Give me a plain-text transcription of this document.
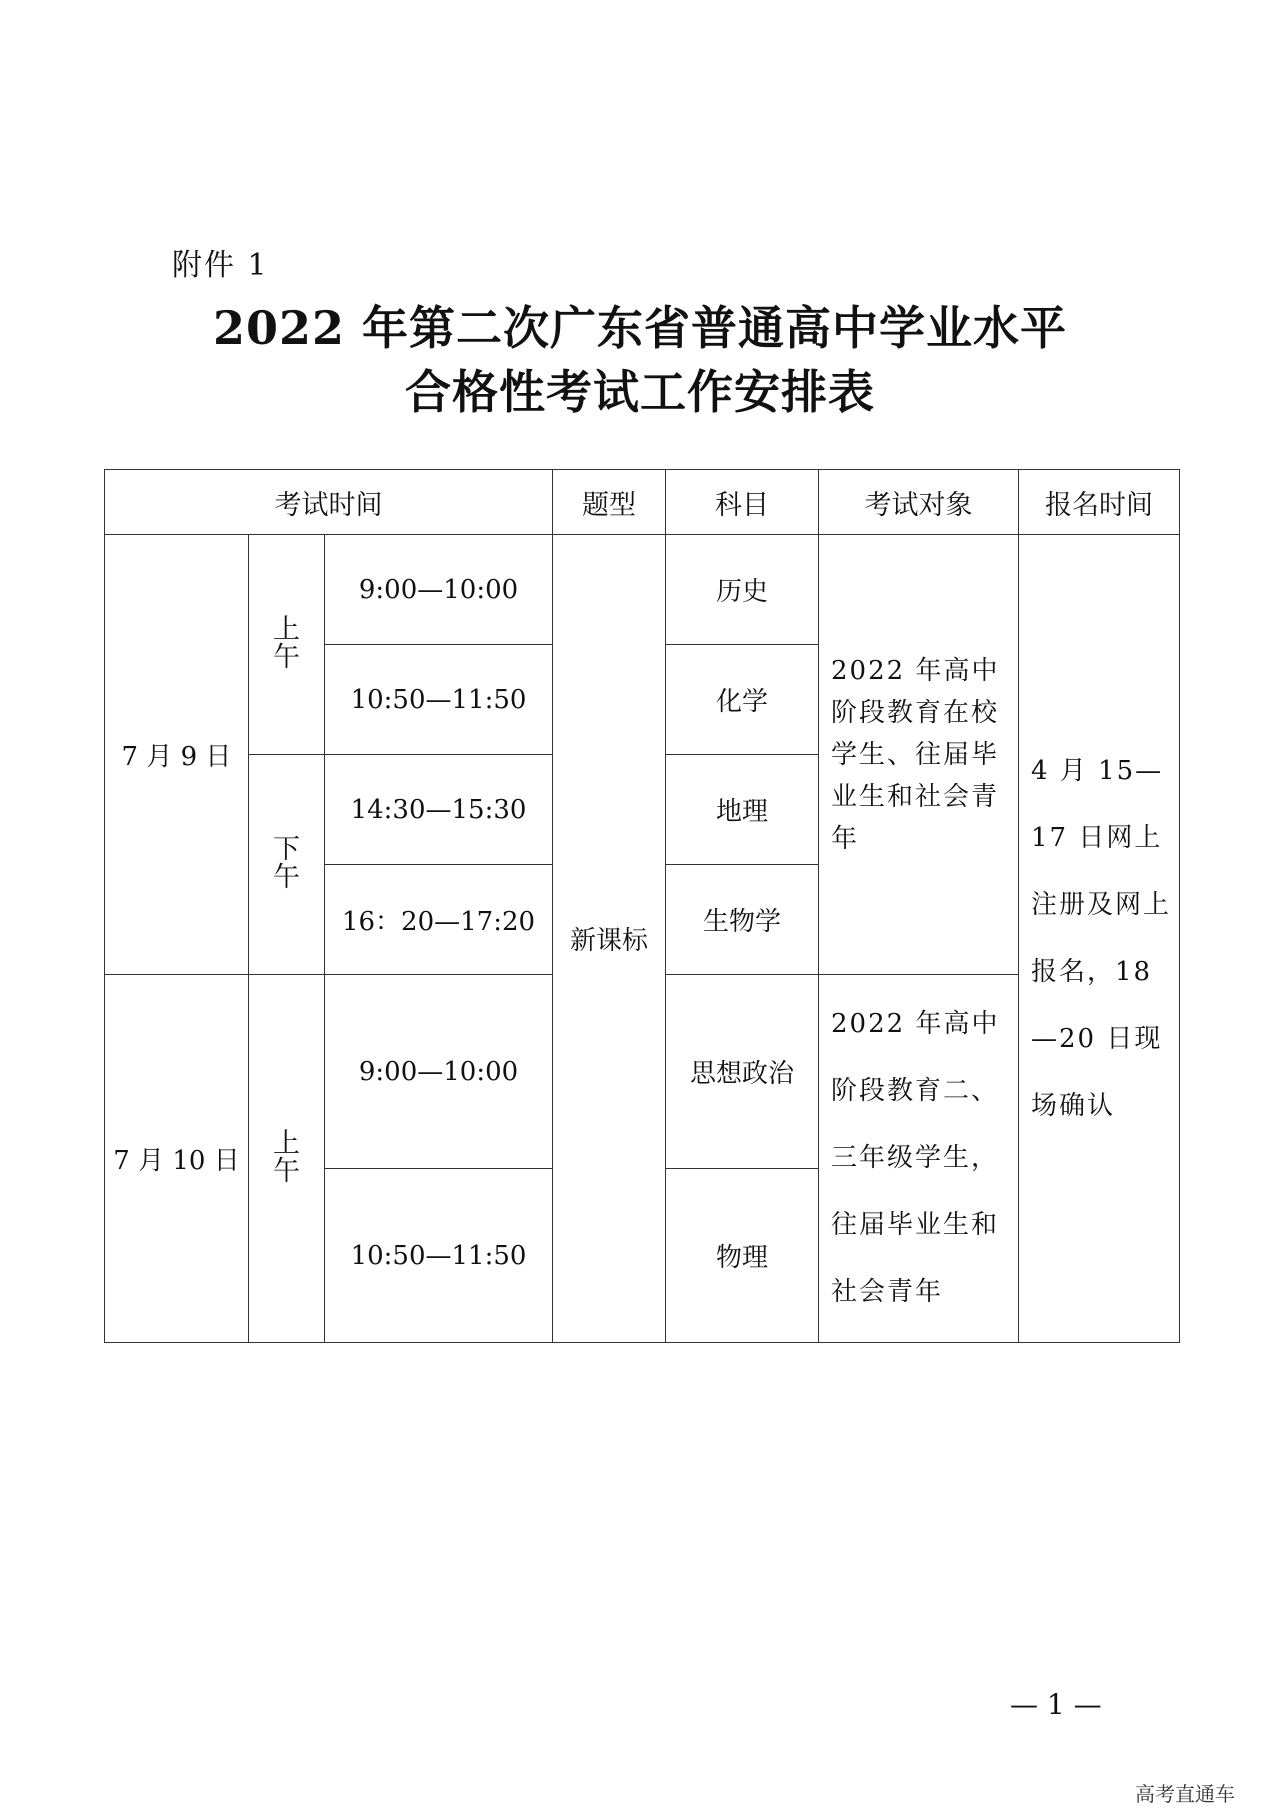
附件 1
2022 年第二次广东省普通高中学业水平
合格性考试工作安排表
考试时间			题型	科目	考试对象	报名时间
7 月 9 日	上午	9:00—10:00	新课标	历史	2022 年高中阶段教育在校学生、往届毕业生和社会青年	4 月 15—17 日网上注册及网上报名，18—20 日现场确认
		10:50—11:50		化学		
	下午	14:30—15:30		地理		
		16：20—17:20		生物学		
7 月 10 日	上午	9:00—10:00		思想政治	2022 年高中阶段教育二、三年级学生，往届毕业生和社会青年	
		10:50—11:50		物理		
— 1 —
高考直通车
